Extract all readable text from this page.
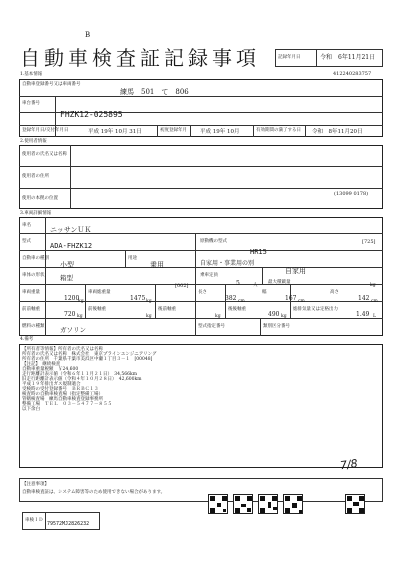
B
自動車検査証記録事項	記録年月日	令和　6年11月21日
1.基本情報	412240283757
自動車登録番号又は車両番号
練馬　501　て　806
車台番号
FHZK12-025895
登録年月日/交付年月日	平成 19年 10月 31日	初度登録年月 平成 19年 10月	有効期間の満了する日 令和　8年11月20日
2.使用者情報
使用者の氏名又は名称
使用者の住所
使用の本拠の位置
(13099 0178)
3.車両詳細情報
車名
ニッサンＵＫ
[725]
型式
ADA-FHZK12
原動機の型式
HR15
自動車の種別
小型
用途
乗用	自家用・事業用の別
自家用
車体の形状 箱型
[002]
乗車定員
5	人
最大積載量
kg
車両重量
1200
kg
車両総重量
1475 kg
長さ
382 cm
幅
167 cm
高さ
142 cm
前前軸重
720 kg
前後軸重
kg
後前軸重
kg
後後軸重
490 kg
総排気量又は定格出力
1.49 L
燃料の種類 ガソリン	型式指定番号	類別区分番号
4.備考
【所有者等情報】所有者の氏名又は名称
所有者の氏名又は名称　株式会社　東京プラインエンジニアリング
所有者の住所　千葉県千葉市美浜区中瀬１丁目３－１　[00048]
【注記】　継続検査
自動車重量税額　￥24,600
走行距離計表示値（令和６年１１月２１日）　34,566km
旧走行距離計表示値（令和４年１０月２８日）　42,600km
平成１９年排出ガス規制適合
受検時の受付登録番号　ＢＲＢＣ１３
検査時の自動車検査場（指定整備工場）
管轄検査場　練馬自動車検査登録事務所
整備工場　ＴＥＬ　０３－５４７７－８５５
以下余白
7/8
【注意事項】
自動車検査証は、システム障害等のため使用できない場合があります。
車検ＩＤ
79572MJ2826232
